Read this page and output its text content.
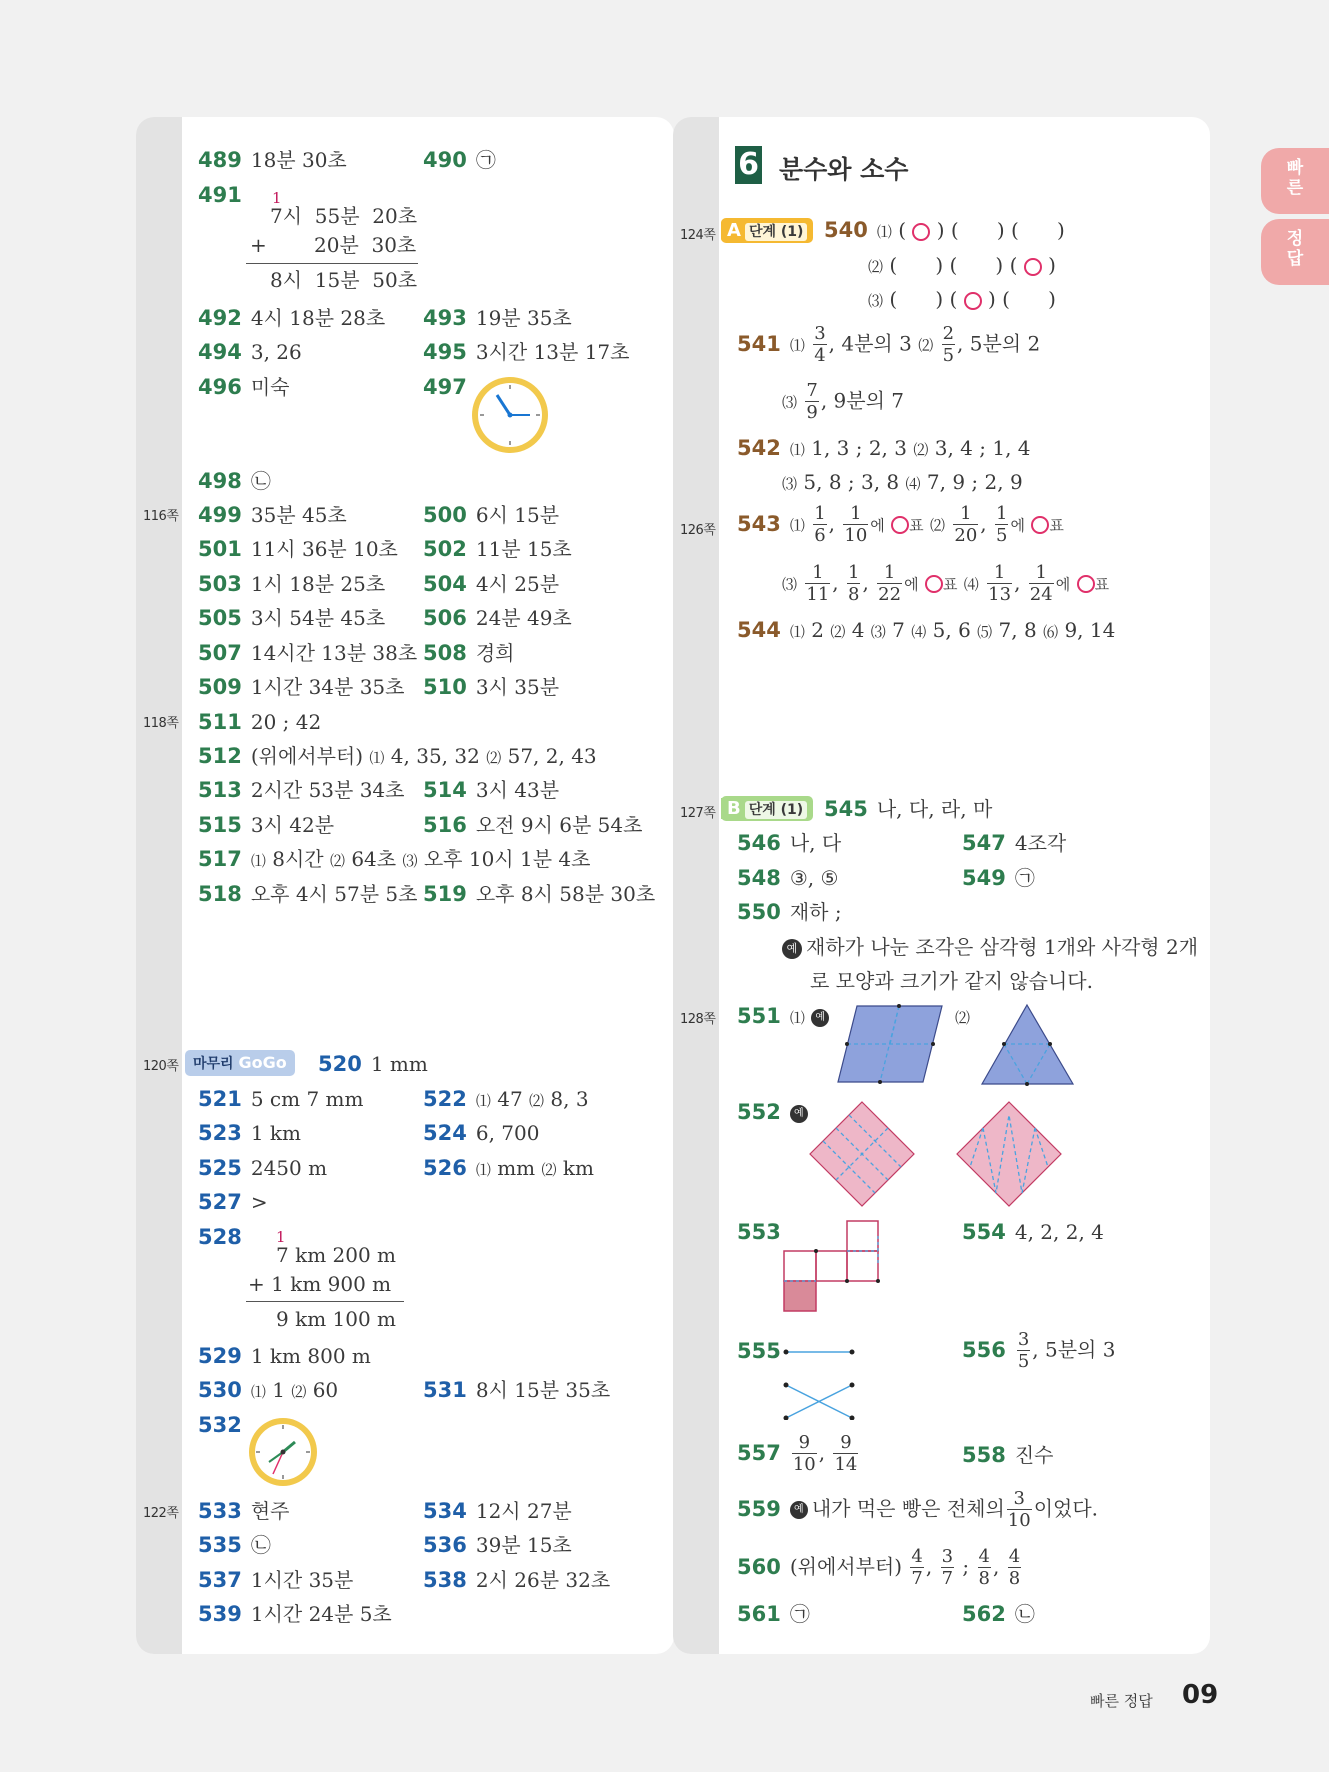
빠른
정답
116쪽
118쪽
120쪽
122쪽
489 18분 30초	490 ㉠
491	1
7시  55분  20초
+ 20분  30초
8시  15분  50초
492 4시 18분 28초 493 19분 35초
494 3, 26	495 3시간 13분 17초
496 미숙	497
498 ㉡
499 35분 45초	500 6시 15분
501 11시 36분 10초 502 11분 15초
503 1시 18분 25초 504 4시 25분
505 3시 54분 45초 506 24분 49초
507 14시간 13분 38초 508 경희
509 1시간 34분 35초 510 3시 35분
511 20 ; 42
512 (위에서부터) ⑴ 4, 35, 32 ⑵ 57, 2, 43
513 2시간 53분 34초 514 3시 43분
515 3시 42분	516 오전 9시 6분 54초
517 ⑴ 8시간 ⑵ 64초 ⑶ 오후 10시 1분 4초
518 오후 4시 57분 5초 519 오후 8시 58분 30초
마무리 GoGo	520 1 mm
521 5 cm 7 mm	522 ⑴ 47 ⑵ 8, 3
523 1 km	524 6, 700
525 2450 m	526 ⑴ mm ⑵ km
527 >
528	1
7 km 200 m
+ 1 km 900 m
9 km 100 m
529 1 km 800 m
530 ⑴ 1 ⑵ 60	531 8시 15분 35초
532
533 현주	534 12시 27분
535 ㉡	536 39분 15초
537 1시간 35분	538 2시 26분 32초
539 1시간 24분 5초
6 분수와 소수
124쪽
126쪽
127쪽
128쪽
A 단계 (1) 540 ⑴ ( ○ ) (      ) (      )
⑵ (      ) (      ) ( ○ )
⑶ (      ) ( ○ ) (      )
541 ⑴ $\frac{3}{4}$ , 4분의 3 ⑵ $\frac{2}{5}$ , 5분의 2
⑶ $\frac{7}{9}$ , 9분의 7
542 ⑴ 1, 3 ; 2, 3 ⑵ 3, 4 ; 1, 4
⑶ 5, 8 ; 3, 8 ⑷ 7, 9 ; 2, 9
543 ⑴ $\frac{1}{6}$ , $\frac{1}{10}$ 에 ○표 ⑵ $\frac{1}{20}$ , $\frac{1}{5}$ 에 ○표
⑶ $\frac{1}{11}$ , $\frac{1}{8}$ , $\frac{1}{22}$ 에 ○표 ⑷ $\frac{1}{13}$ , $\frac{1}{24}$ 에 ○표
544 ⑴ 2 ⑵ 4 ⑶ 7 ⑷ 5, 6 ⑸ 7, 8 ⑹ 9, 14
B 단계 (1) 545 나, 다, 라, 마
546 나, 다	547 4조각
548 ③, ⑤	549 ㉠
550 재하 ;
예 재하가 나눈 조각은 삼각형 1개와 사각형 2개
로 모양과 크기가 같지 않습니다.
551 ⑴ 예	⑵
552 예
553	554 4, 2, 2, 4
555	$556 \frac{3}{5}$ , 5분의 3
$557 \frac{9}{10}$ , $\frac{9}{14}$	558 진수
559 예 내가 먹은 빵은 전체의 $\frac{3}{10}$ 이었다.
560 (위에서부터) $\frac{4}{7}$ , $\frac{3}{7}$ ; $\frac{4}{8}$ , $\frac{4}{8}$
561 ㉠	562 ㉡
빠른 정답 09
